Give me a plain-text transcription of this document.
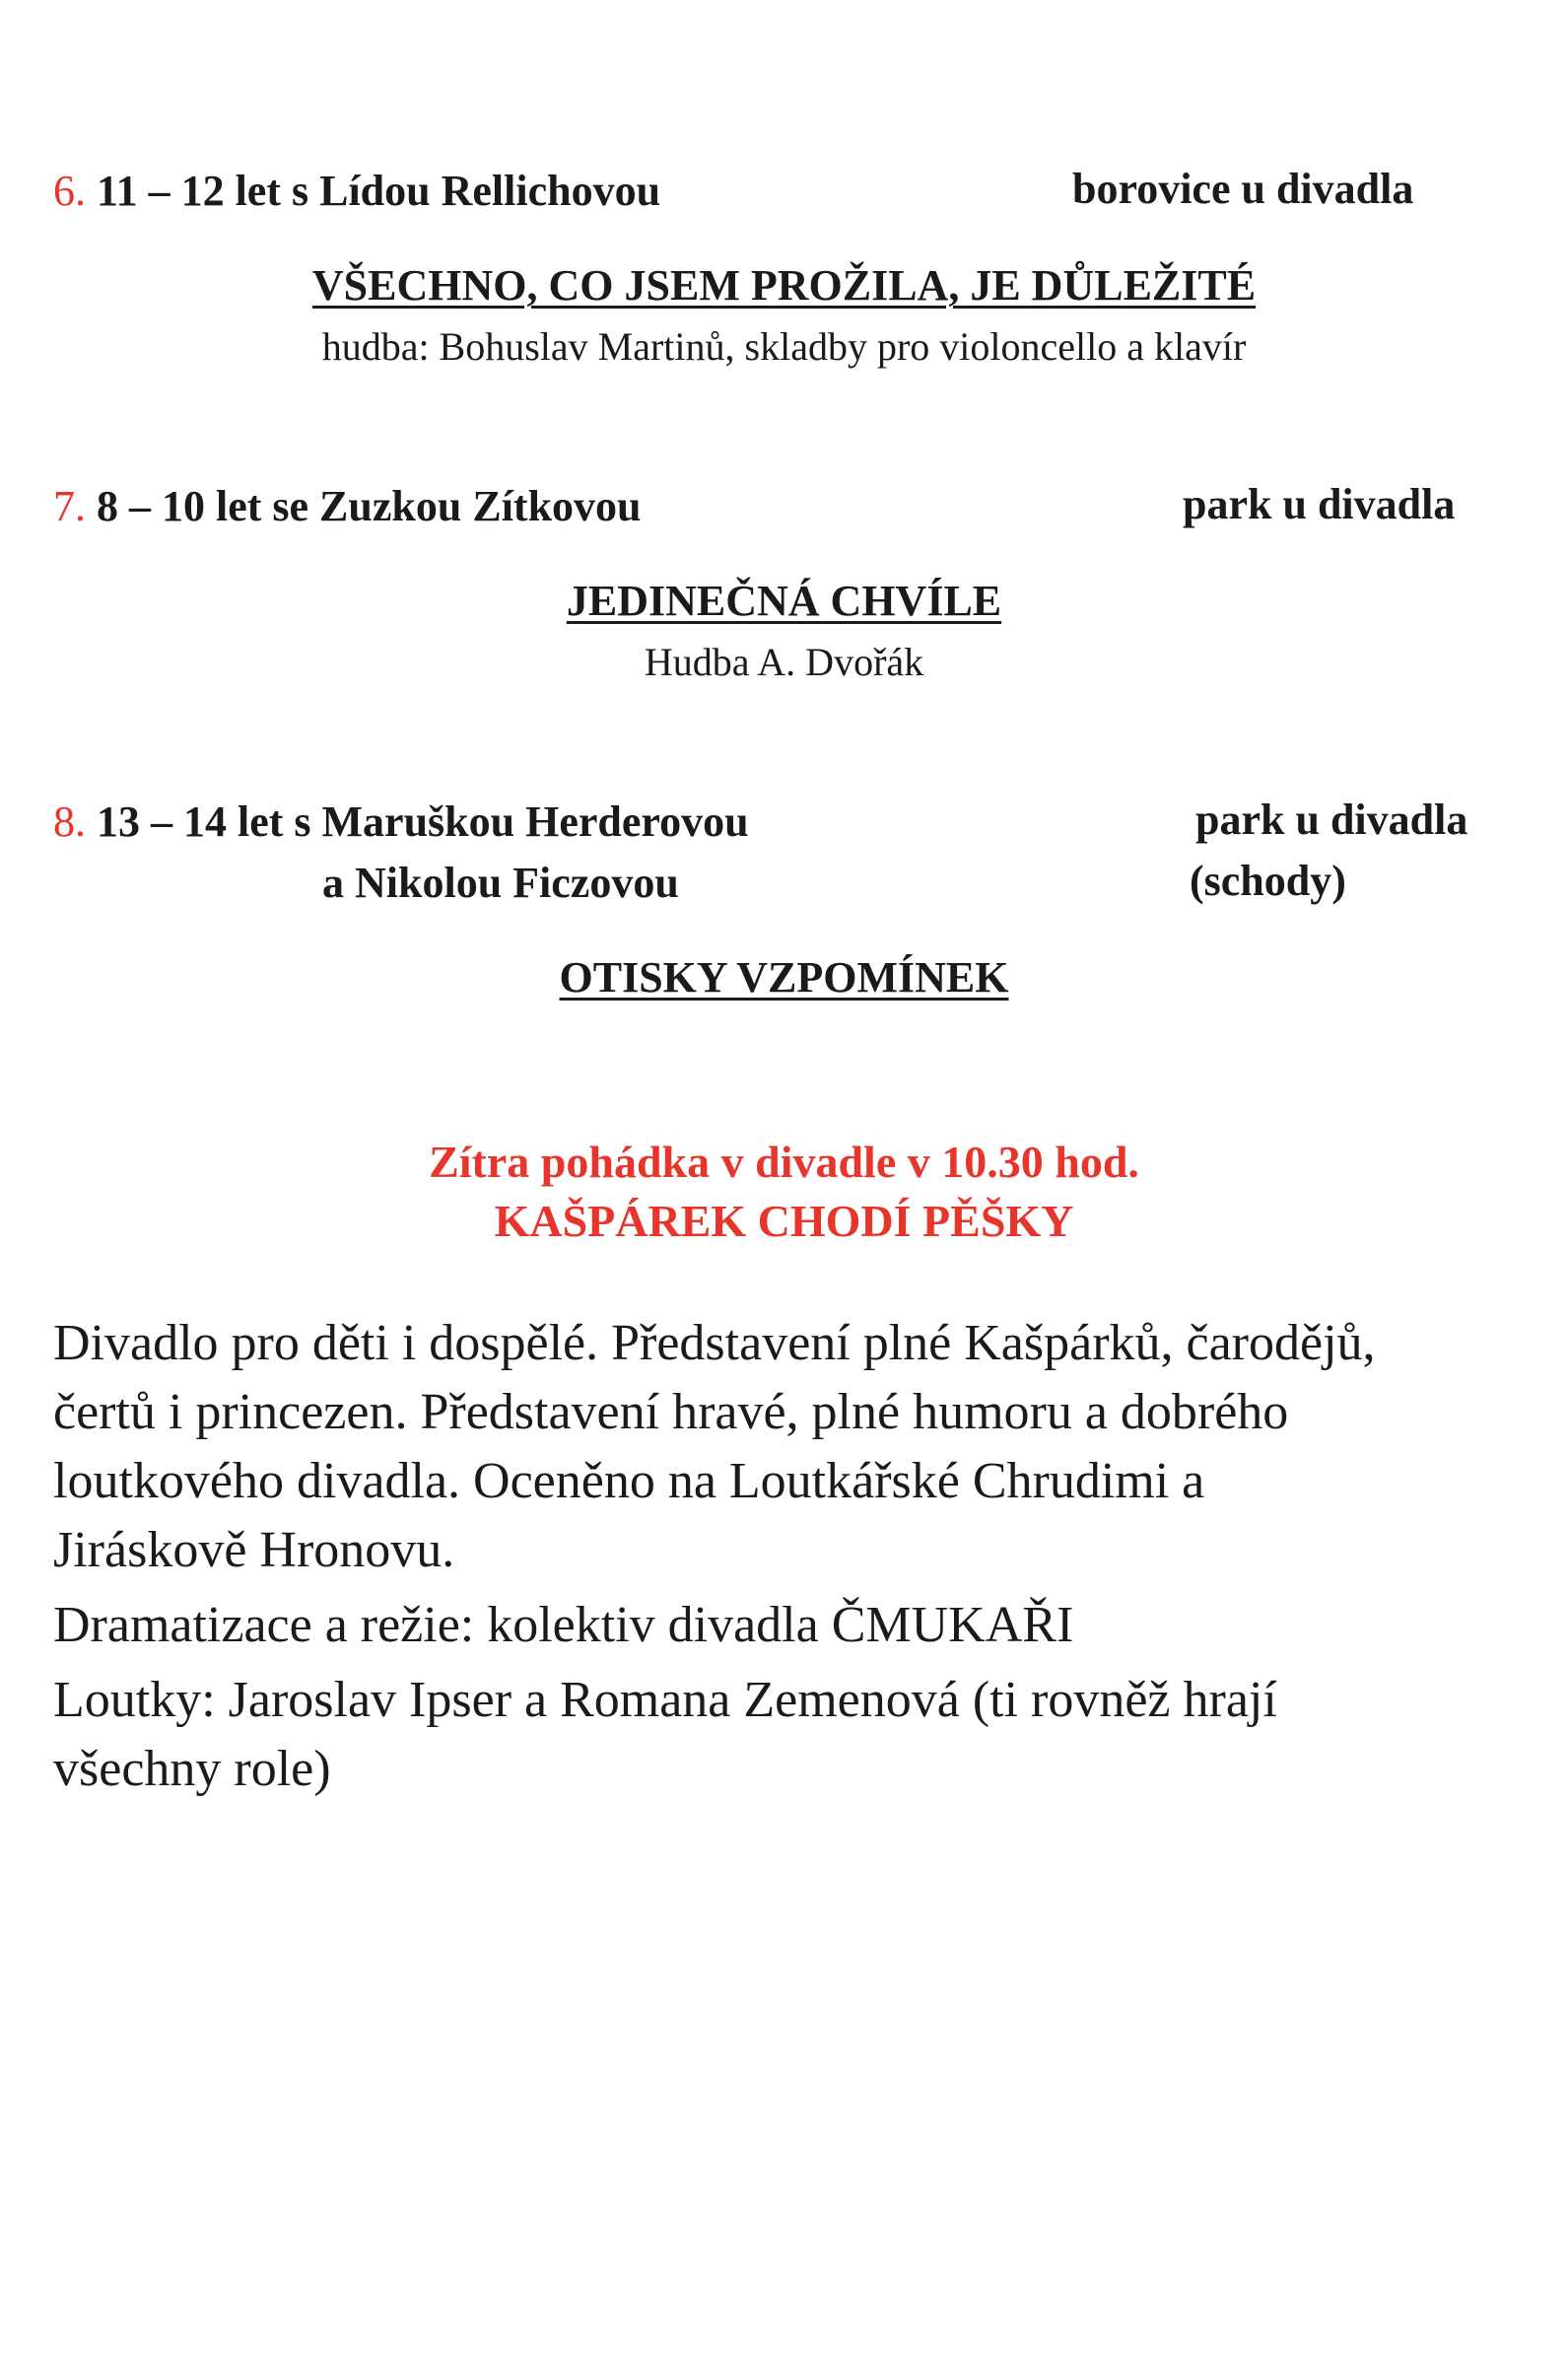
6. 11 – 12 let s Lídou Rellichovou	borovice u divadla
VŠECHNO, CO JSEM PROŽILA, JE DŮLEŽITÉ
hudba: Bohuslav Martinů, skladby pro violoncello a klavír
7. 8 – 10 let se Zuzkou Zítkovou	park u divadla
JEDINEČNÁ CHVÍLE
Hudba A. Dvořák
8. 13 – 14 let s Maruškou Herderovou
a Nikolou Ficzovou
park u divadla
(schody)
OTISKY VZPOMÍNEK
Zítra pohádka v divadle v 10.30 hod.
KAŠPÁREK CHODÍ PĚŠKY

Divadlo pro děti i dospělé. Představení plné Kašpárků, čarodějů,

čertů i princezen. Představení hravé, plné humoru a dobrého

loutkového divadla. Oceněno na Loutkářské Chrudimi a

Jiráskově Hronovu.

Dramatizace a režie: kolektiv divadla ČMUKAŘI

Loutky: Jaroslav Ipser a Romana Zemenová (ti rovněž hrají

všechny role)
